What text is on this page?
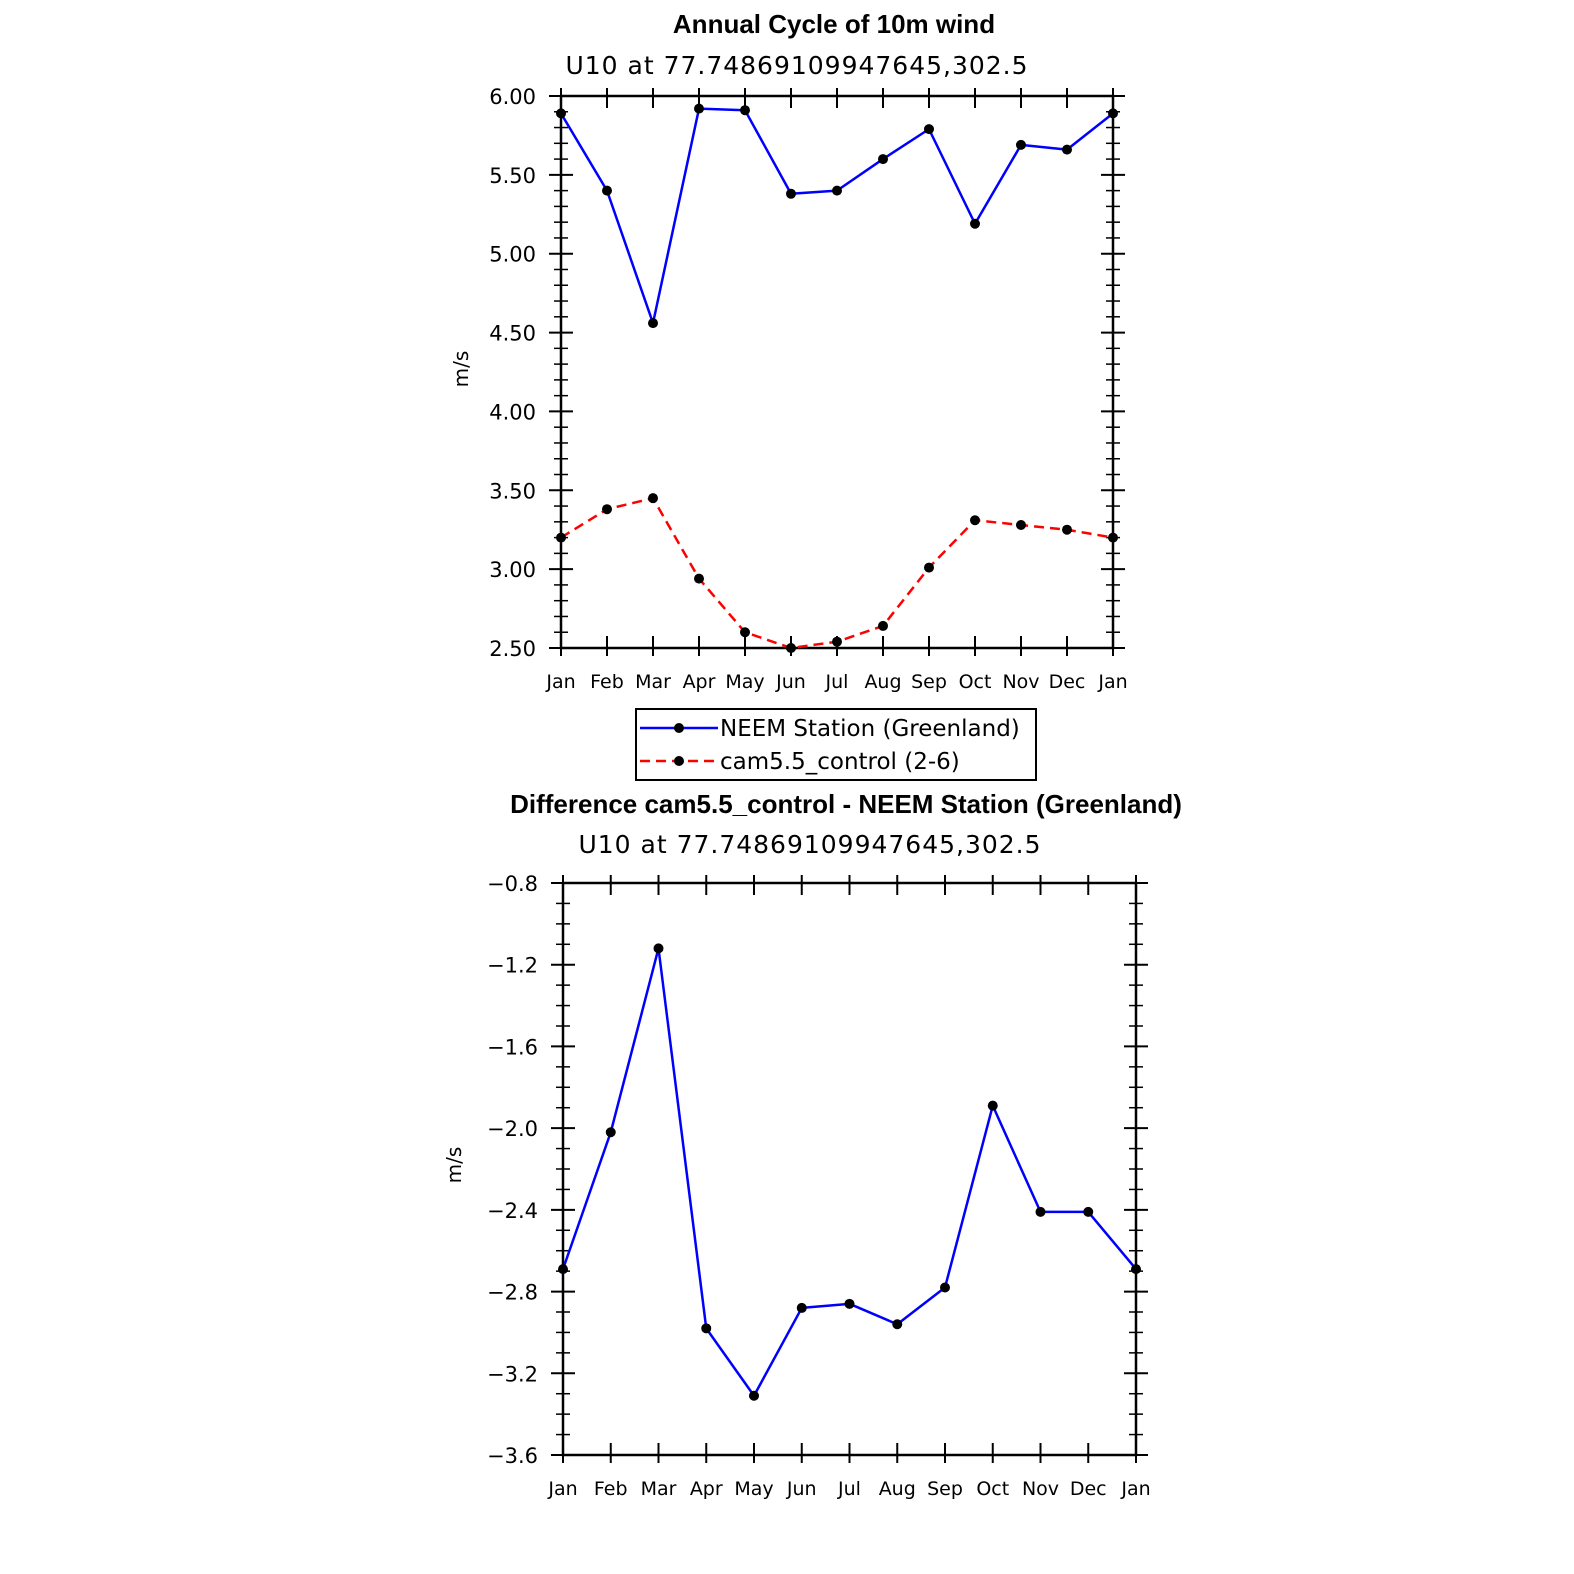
Annual Cycle of 10m wind
U10 at 77.74869109947645,302.5
m/s
Jan Feb Mar Apr May Jun Jul Aug Sep Oct Nov Dec Jan
2.50
3.00
3.50
4.00
4.50
5.00
5.50
6.00
NEEM Station (Greenland)
cam5.5_control (2-6)
Difference cam5.5_control - NEEM Station (Greenland)
U10 at 77.74869109947645,302.5
m/s
Jan Feb Mar Apr May Jun Jul Aug Sep Oct Nov Dec Jan
−3.6
−3.2
−2.8
−2.4
−2.0
−1.6
−1.2
−0.8
